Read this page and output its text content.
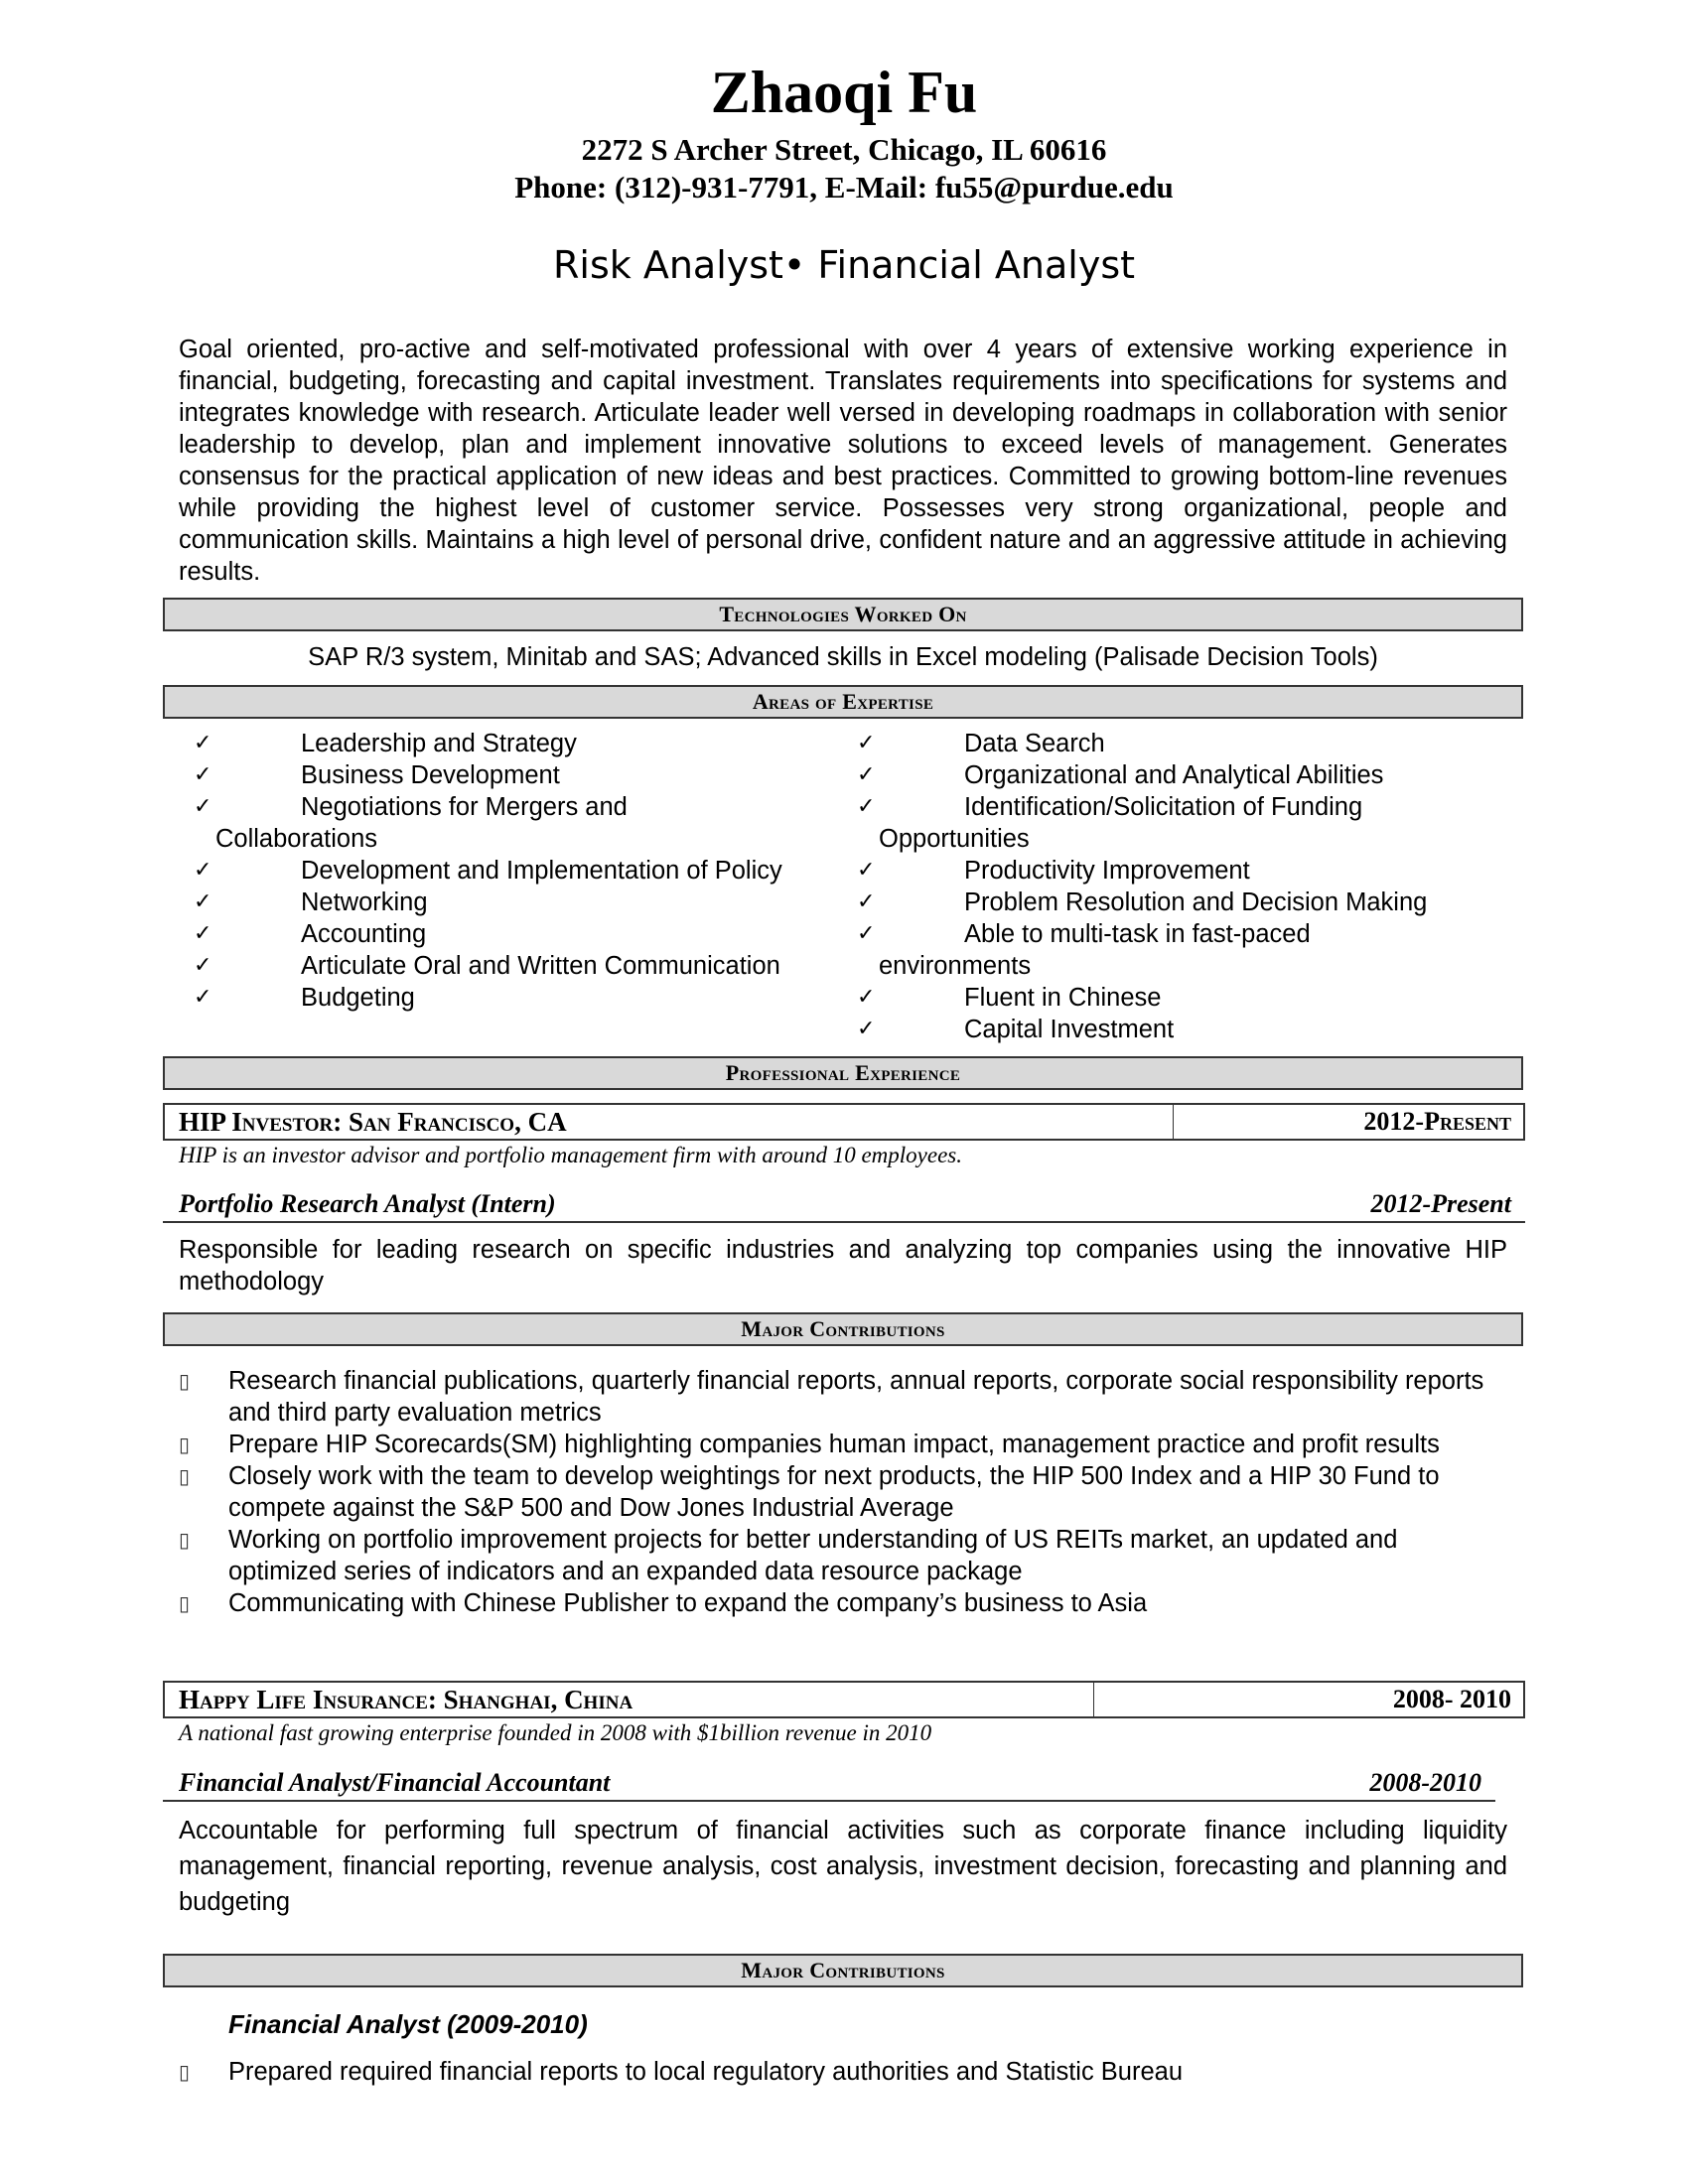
Zhaoqi Fu
2272 S Archer Street, Chicago, IL 60616
Phone: (312)-931-7791, E-Mail: fu55@purdue.edu
Risk Analyst• Financial Analyst
Goal oriented, pro-active and self-motivated professional with over 4 years of extensive working experience in financial, budgeting, forecasting and capital investment. Translates requirements into specifications for systems and integrates knowledge with research. Articulate leader well versed in developing roadmaps in collaboration with senior leadership to develop, plan and implement innovative solutions to exceed levels of management. Generates consensus for the practical application of new ideas and best practices. Committed to growing bottom-line revenues while providing the highest level of customer service. Possesses very strong organizational, people and communication skills. Maintains a high level of personal drive, confident nature and an aggressive attitude in achieving results.
Technologies Worked On
SAP R/3 system, Minitab and SAS; Advanced skills in Excel modeling (Palisade Decision Tools)
Areas of Expertise
✓	Leadership and Strategy
✓	Business Development
✓	Negotiations for Mergers and
Collaborations
✓	Development and Implementation of Policy
✓	Networking
✓	Accounting
✓	Articulate Oral and Written Communication
✓	Budgeting
✓	Data Search
✓	Organizational and Analytical Abilities
✓	Identification/Solicitation of Funding
Opportunities
✓	Productivity Improvement
✓	Problem Resolution and Decision Making
✓	Able to multi-task in fast-paced
environments
✓	Fluent in Chinese
✓	Capital Investment
Professional Experience
HIP Investor: San Francisco, CA	2012-Present
HIP is an investor advisor and portfolio management firm with around 10 employees.
Portfolio Research Analyst (Intern)	2012-Present
Responsible for leading research on specific industries and analyzing top companies using the innovative HIP methodology
Major Contributions
▯ Research financial publications, quarterly financial reports, annual reports, corporate social responsibility reports and third party evaluation metrics
▯ Prepare HIP Scorecards(SM) highlighting companies human impact, management practice and profit results
▯ Closely work with the team to develop weightings for next products, the HIP 500 Index and a HIP 30 Fund to compete against the S&P 500 and Dow Jones Industrial Average
▯ Working on portfolio improvement projects for better understanding of US REITs market, an updated and optimized series of indicators and an expanded data resource package
▯ Communicating with Chinese Publisher to expand the company’s business to Asia
Happy Life Insurance: Shanghai, China	2008- 2010
A national fast growing enterprise founded in 2008 with $1billion revenue in 2010
Financial Analyst/Financial Accountant	2008-2010
Accountable for performing full spectrum of financial activities such as corporate finance including liquidity management, financial reporting, revenue analysis, cost analysis, investment decision, forecasting and planning and budgeting
Major Contributions
Financial Analyst (2009-2010)
▯ Prepared required financial reports to local regulatory authorities and Statistic Bureau
